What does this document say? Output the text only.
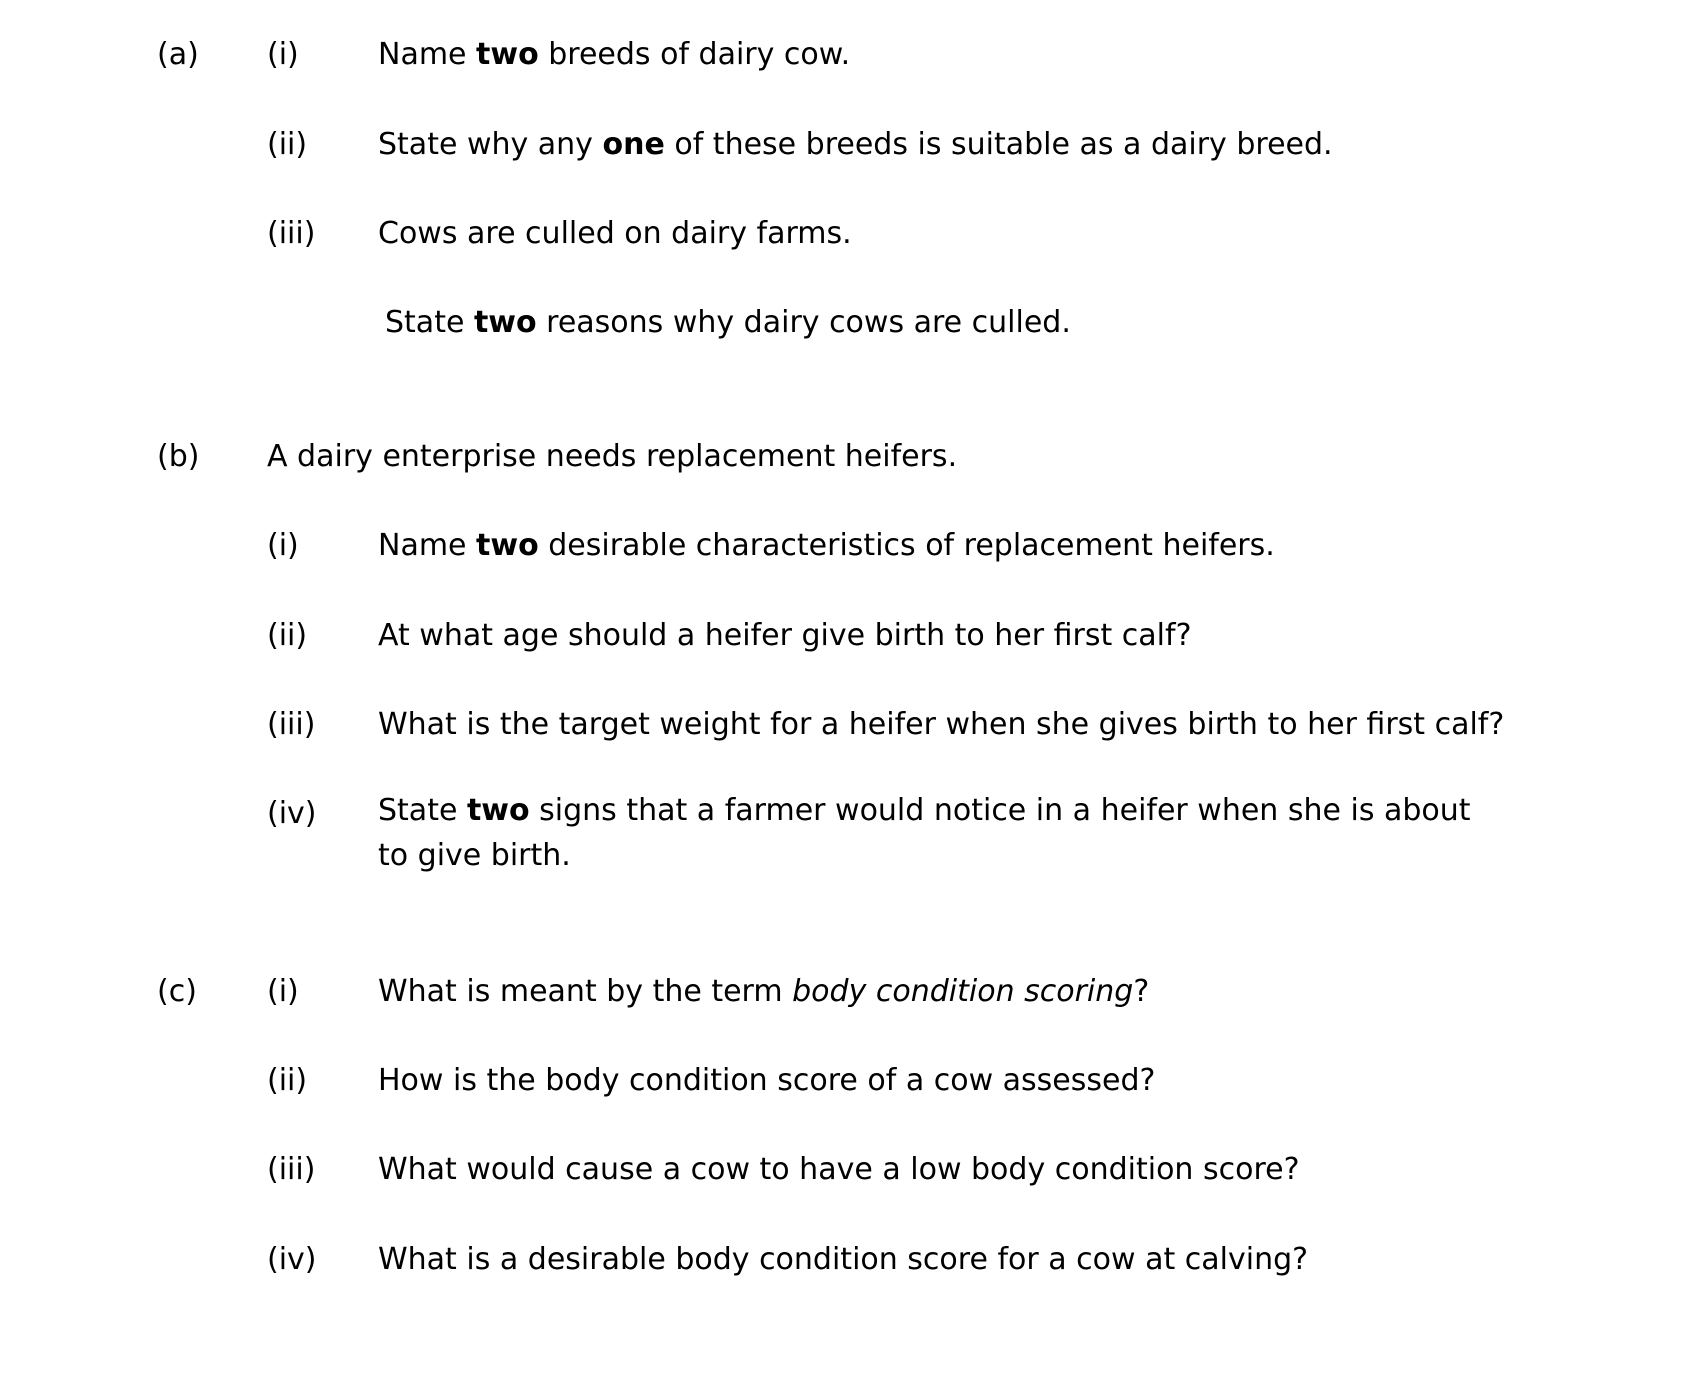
(a) (i)	Name two breeds of dairy cow.
(ii) State why any one of these breeds is suitable as a dairy breed.
(iii) Cows are culled on dairy farms.
State two reasons why dairy cows are culled.
(b) A dairy enterprise needs replacement heifers.
(i)	Name two desirable characteristics of replacement heifers.
(ii) At what age should a heifer give birth to her first calf?
(iii) What is the target weight for a heifer when she gives birth to her first calf?
(iv) State two signs that a farmer would notice in a heifer when she is about to give birth.
(c) (i)	What is meant by the term body condition scoring?
(ii) How is the body condition score of a cow assessed?
(iii) What would cause a cow to have a low body condition score?
(iv) What is a desirable body condition score for a cow at calving?
